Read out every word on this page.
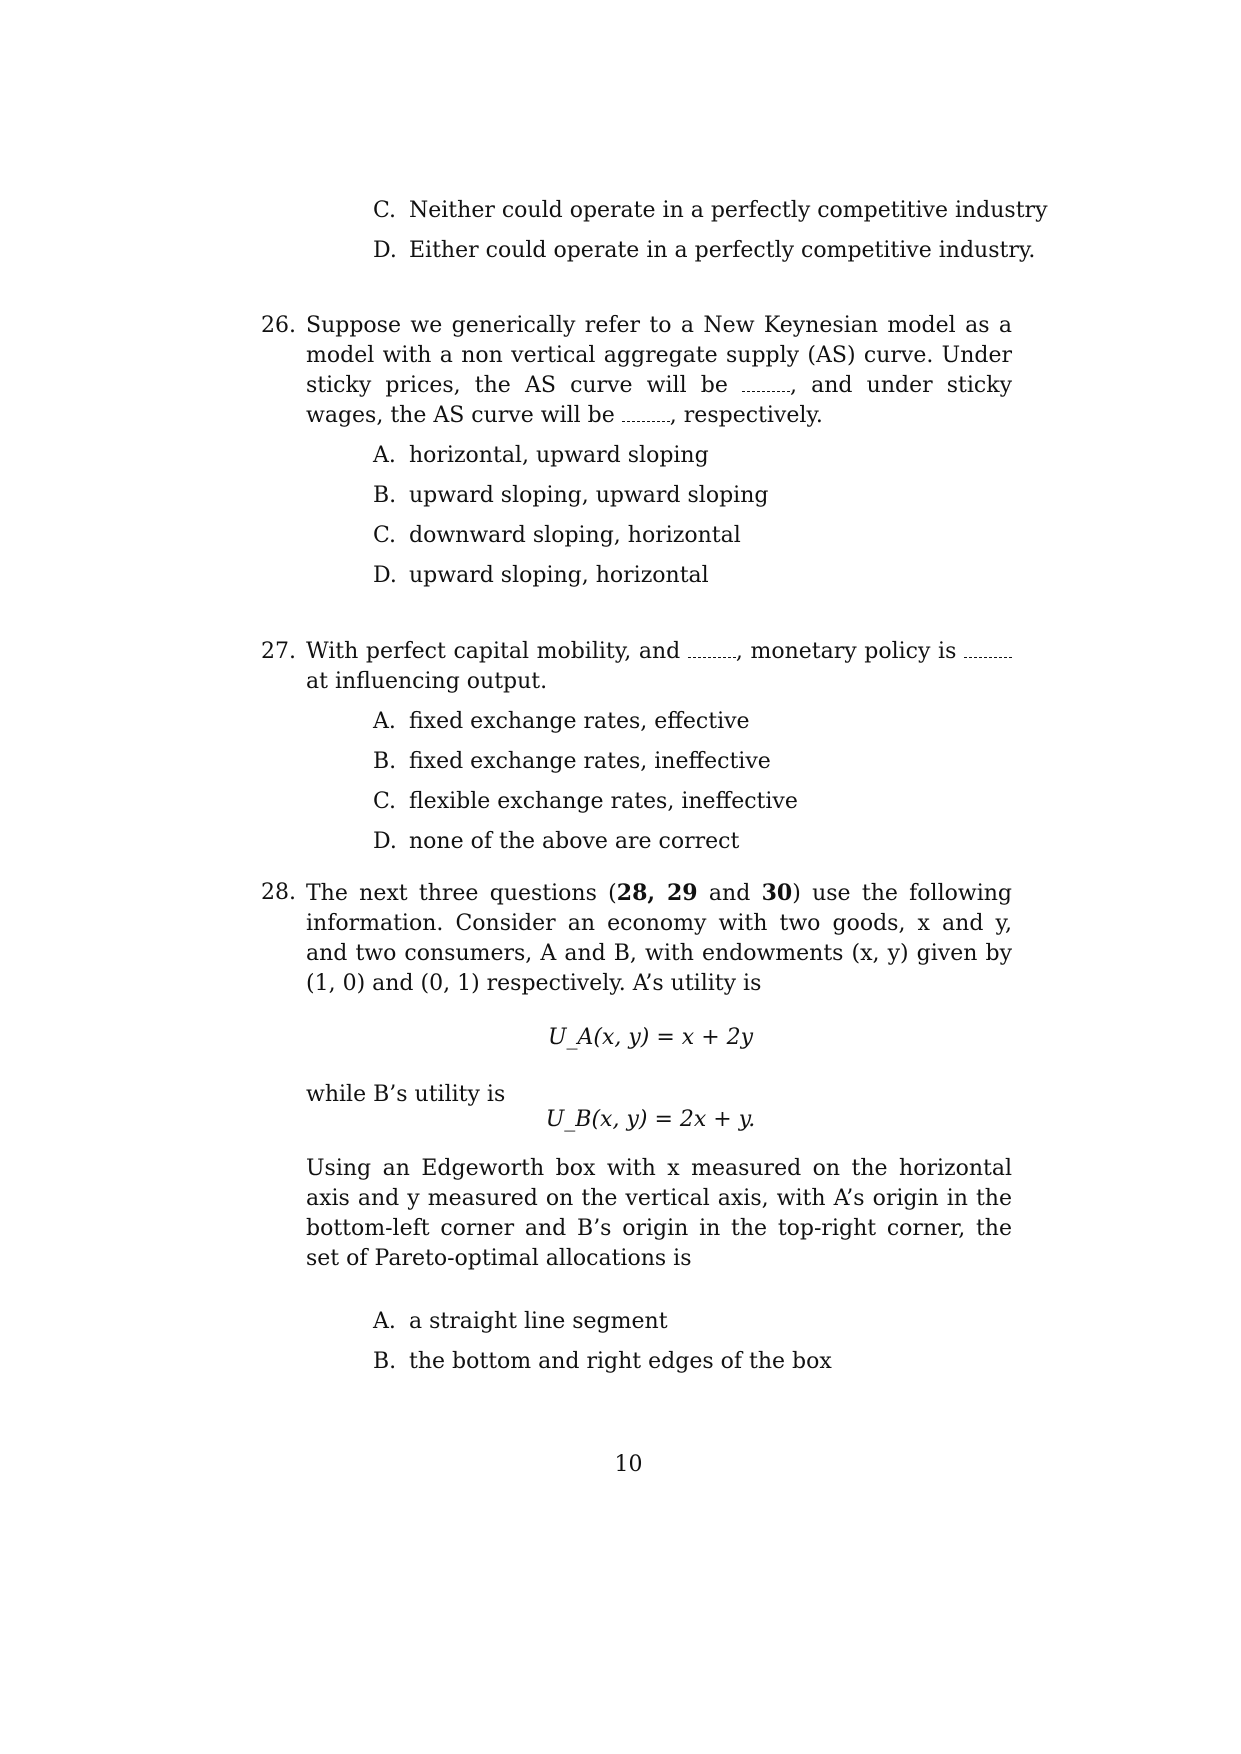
C. Neither could operate in a perfectly competitive industry
D. Either could operate in a perfectly competitive industry.
26. Suppose we generically refer to a New Keynesian model as a model with a non vertical aggregate supply (AS) curve. Under sticky prices, the AS curve will be	, and under sticky wages, the AS curve will be	, respectively.
A. horizontal, upward sloping
B. upward sloping, upward sloping
C. downward sloping, horizontal
D. upward sloping, horizontal
27. With perfect capital mobility, and	, monetary policy is  at influencing output.
A. fixed exchange rates, effective
B. fixed exchange rates, ineffective
C. flexible exchange rates, ineffective
D. none of the above are correct
28. The next three questions (28, 29 and 30) use the following information. Consider an economy with two goods, x and y, and two consumers, A and B, with endowments (x, y) given by (1, 0) and (0, 1) respectively. A’s utility is
U_A(x, y) = x + 2y
while B’s utility is
U_B(x, y) = 2x + y.
Using an Edgeworth box with x measured on the horizontal axis and y measured on the vertical axis, with A’s origin in the bottom-left corner and B’s origin in the top-right corner, the set of Pareto-optimal allocations is
A. a straight line segment
B. the bottom and right edges of the box
10
